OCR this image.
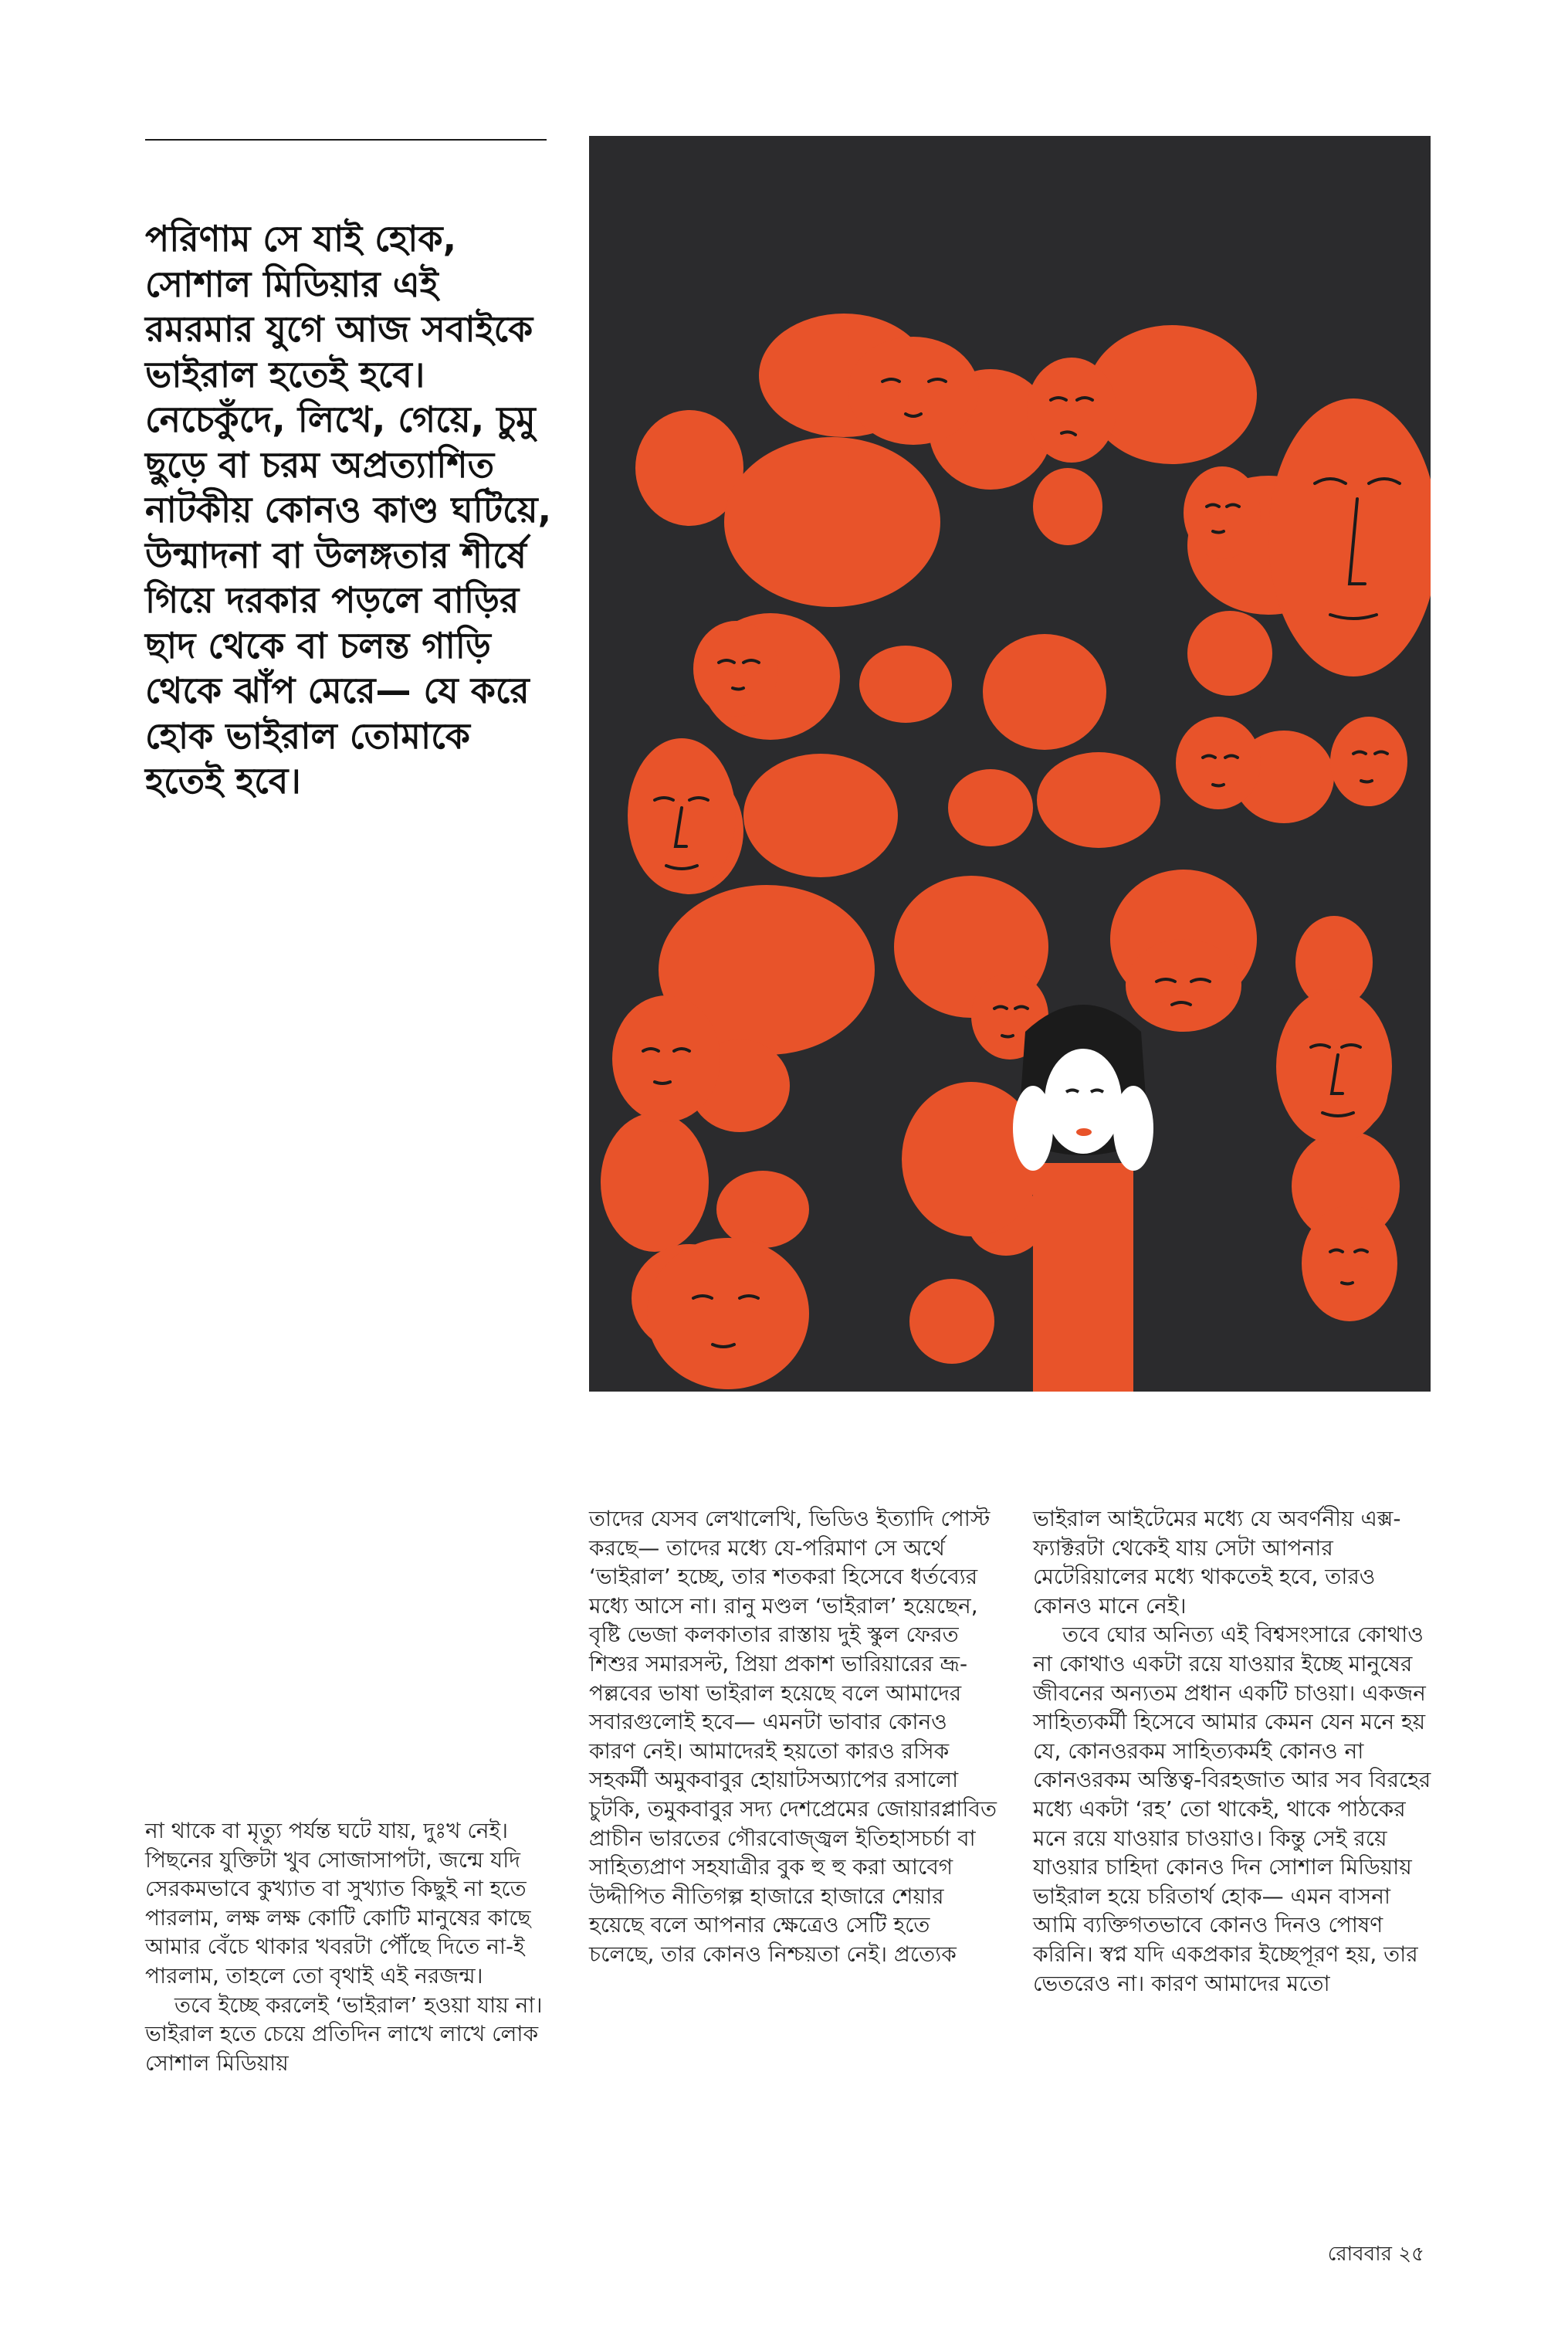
পরিণাম সে যাই হোক, সোশাল মিডিয়ার এই রমরমার যুগে আজ সবাইকে ভাইরাল হতেই হবে। নেচেকুঁদে, লিখে, গেয়ে, চুমু ছুড়ে বা চরম অপ্রত্যাশিত নাটকীয় কোনও কাণ্ড ঘটিয়ে, উন্মাদনা বা উলঙ্গতার শীর্ষে গিয়ে দরকার পড়লে বাড়ির ছাদ থেকে বা চলন্ত গাড়ি থেকে ঝাঁপ মেরে— যে করে হোক ভাইরাল তোমাকে হতেই হবে।

না থাকে বা মৃত্যু পর্যন্ত ঘটে যায়, দুঃখ নেই। পিছনের যুক্তিটা খুব সোজাসাপটা, জন্মে যদি সেরকমভাবে কুখ্যাত বা সুখ্যাত কিছুই না হতে পারলাম, লক্ষ লক্ষ কোটি কোটি মানুষের কাছে আমার বেঁচে থাকার খবরটা পৌঁছে দিতে না-ই পারলাম, তাহলে তো বৃথাই এই নরজন্ম।

তবে ইচ্ছে করলেই ‘ভাইরাল’ হওয়া যায় না। ভাইরাল হতে চেয়ে প্রতিদিন লাখে লাখে লোক সোশাল মিডিয়ায়

তাদের যেসব লেখালেখি, ভিডিও ইত্যাদি পোস্ট করছে— তাদের মধ্যে যে-পরিমাণ সে অর্থে ‘ভাইরাল’ হচ্ছে, তার শতকরা হিসেবে ধর্তব্যের মধ্যে আসে না। রানু মণ্ডল ‘ভাইরাল’ হয়েছেন, বৃষ্টি ভেজা কলকাতার রাস্তায় দুই স্কুল ফেরত শিশুর সমারসল্ট, প্রিয়া প্রকাশ ভারিয়ারের ভ্রূ-পল্লবের ভাষা ভাইরাল হয়েছে বলে আমাদের সবারগুলোই হবে— এমনটা ভাবার কোনও কারণ নেই। আমাদেরই হয়তো কারও রসিক সহকর্মী অমুকবাবুর হোয়াটসঅ্যাপের রসালো চুটকি, তমুকবাবুর সদ্য দেশপ্রেমের জোয়ারপ্লাবিত প্রাচীন ভারতের গৌরবোজ্জ্বল ইতিহাসচর্চা বা সাহিত্যপ্রাণ সহযাত্রীর বুক হু হু করা আবেগ উদ্দীপিত নীতিগল্প হাজারে হাজারে শেয়ার হয়েছে বলে আপনার ক্ষেত্রেও সেটি হতে চলেছে, তার কোনও নিশ্চয়তা নেই। প্রত্যেক

ভাইরাল আইটেমের মধ্যে যে অবর্ণনীয় এক্স-ফ্যাক্টরটা থেকেই যায় সেটা আপনার মেটেরিয়ালের মধ্যে থাকতেই হবে, তারও কোনও মানে নেই।

তবে ঘোর অনিত্য এই বিশ্বসংসারে কোথাও না কোথাও একটা রয়ে যাওয়ার ইচ্ছে মানুষের জীবনের অন্যতম প্রধান একটি চাওয়া। একজন সাহিত্যকর্মী হিসেবে আমার কেমন যেন মনে হয় যে, কোনওরকম সাহিত্যকর্মই কোনও না কোনওরকম অস্তিত্ব-বিরহজাত আর সব বিরহের মধ্যে একটা ‘রহ’ তো থাকেই, থাকে পাঠকের মনে রয়ে যাওয়ার চাওয়াও। কিন্তু সেই রয়ে যাওয়ার চাহিদা কোনও দিন সোশাল মিডিয়ায় ভাইরাল হয়ে চরিতার্থ হোক— এমন বাসনা আমি ব্যক্তিগতভাবে কোনও দিনও পোষণ করিনি। স্বপ্ন যদি একপ্রকার ইচ্ছেপূরণ হয়, তার ভেতরেও না। কারণ আমাদের মতো

রোববার ২৫
